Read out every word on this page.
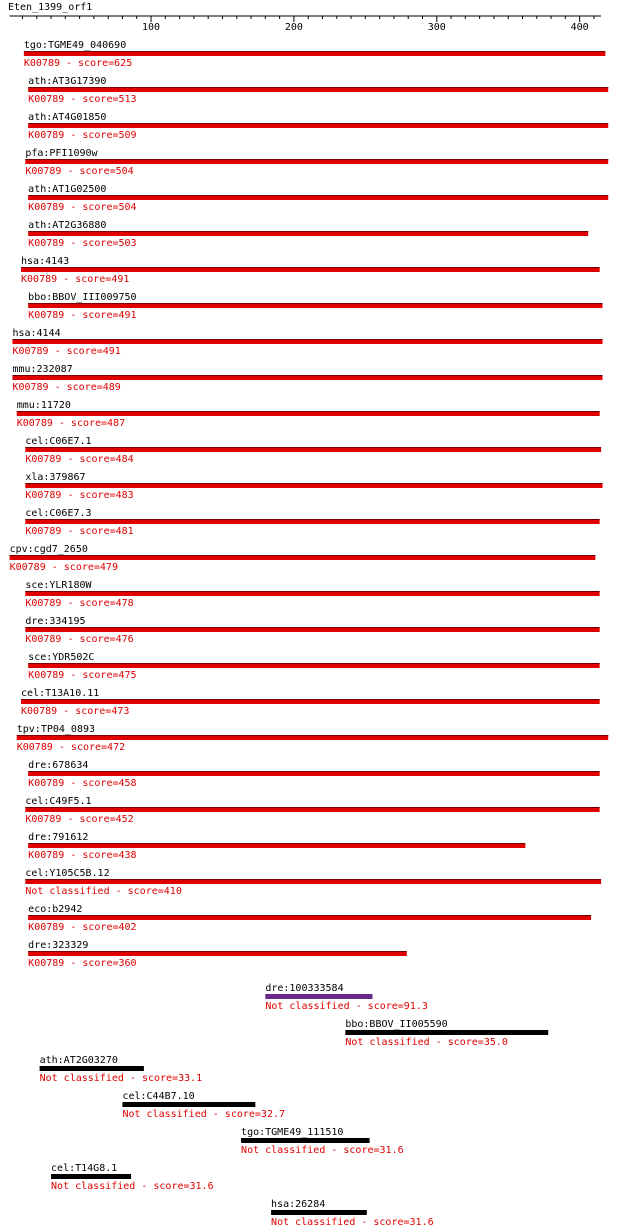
Eten_1399_orf1
100	200	300	400
tgo:TGME49_040690
K00789 - score=625
ath:AT3G17390
K00789 - score=513
ath:AT4G01850
K00789 - score=509
pfa:PFI1090w
K00789 - score=504
ath:AT1G02500
K00789 - score=504
ath:AT2G36880
K00789 - score=503
hsa:4143
K00789 - score=491
bbo:BBOV_III009750
K00789 - score=491
hsa:4144
K00789 - score=491
mmu:232087
K00789 - score=489
mmu:11720
K00789 - score=487
cel:C06E7.1
K00789 - score=484
xla:379867
K00789 - score=483
cel:C06E7.3
K00789 - score=481
cpv:cgd7_2650
K00789 - score=479
sce:YLR180W
K00789 - score=478
dre:334195
K00789 - score=476
sce:YDR502C
K00789 - score=475
cel:T13A10.11
K00789 - score=473
tpv:TP04_0893
K00789 - score=472
dre:678634
K00789 - score=458
cel:C49F5.1
K00789 - score=452
dre:791612
K00789 - score=438
cel:Y105C5B.12
Not classified - score=410
eco:b2942
K00789 - score=402
dre:323329
K00789 - score=360
dre:100333584
Not classified - score=91.3
bbo:BBOV_II005590
Not classified - score=35.0
ath:AT2G03270
Not classified - score=33.1
cel:C44B7.10
Not classified - score=32.7
tgo:TGME49_111510
Not classified - score=31.6
cel:T14G8.1
Not classified - score=31.6
hsa:26284
Not classified - score=31.6
